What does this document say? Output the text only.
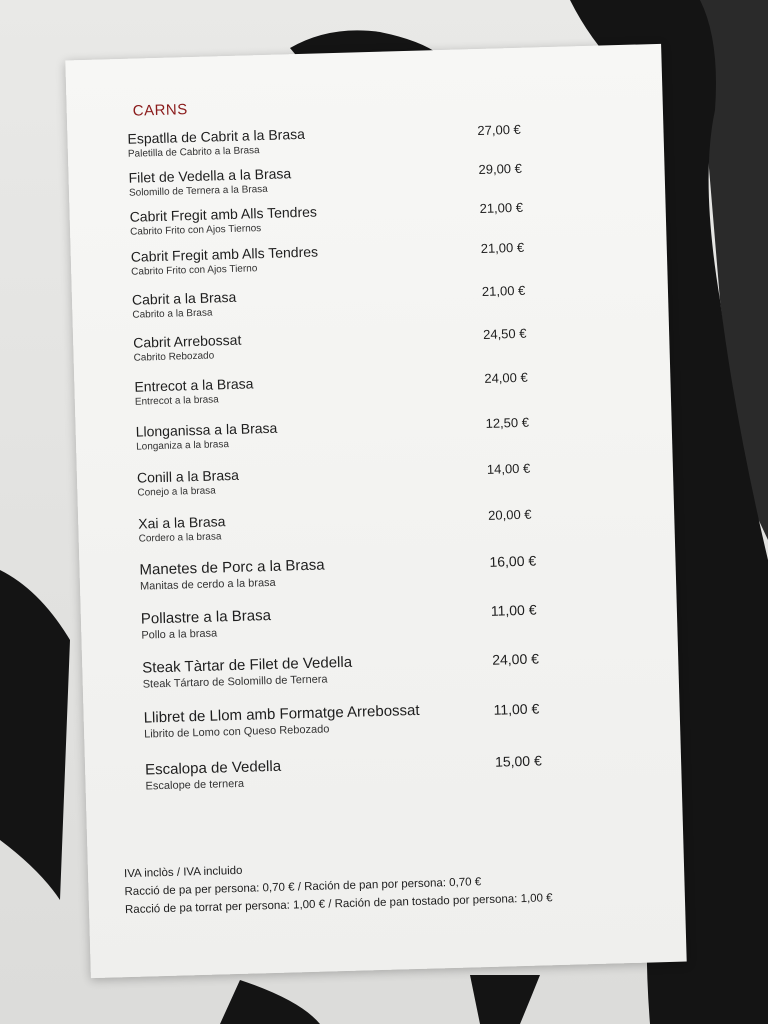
CARNS
Espatlla de Cabrit a la Brasa
Paletilla de Cabrito a la Brasa
27,00 €
Filet de Vedella a la Brasa
Solomillo de Ternera a la Brasa
29,00 €
Cabrit Fregit amb Alls Tendres
Cabrito Frito con Ajos Tiernos
21,00 €
Cabrit Fregit amb Alls Tendres
Cabrito Frito con Ajos Tierno
21,00 €
Cabrit a la Brasa
Cabrito a la Brasa
21,00 €
Cabrit Arrebossat
Cabrito Rebozado
24,50 €
Entrecot a la Brasa
Entrecot a la brasa
24,00 €
Llonganissa a la Brasa
Longaniza a la brasa
12,50 €
Conill a la Brasa
Conejo a la brasa
14,00 €
Xai a la Brasa
Cordero a la brasa
20,00 €
Manetes de Porc a la Brasa
Manitas de cerdo a la brasa
16,00 €
Pollastre a la Brasa
Pollo a la brasa
11,00 €
Steak Tàrtar de Filet de Vedella
Steak Tártaro de Solomillo de Ternera
24,00 €
Llibret de Llom amb Formatge Arrebossat
Librito de Lomo con Queso Rebozado
11,00 €
Escalopa de Vedella
Escalope de ternera
15,00 €
IVA inclòs / IVA incluido
Racció de pa per persona: 0,70 € / Ración de pan por persona: 0,70 €
Racció de pa torrat per persona: 1,00 € / Ración de pan tostado por persona: 1,00 €
